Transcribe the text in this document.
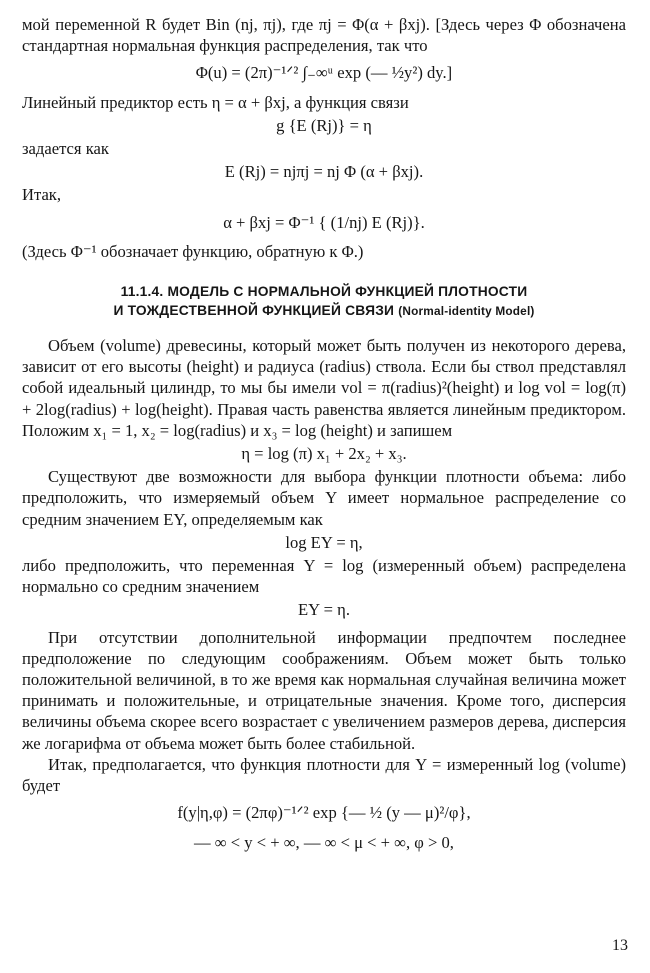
мой переменной R будет Bin (nj, πj), где πj = Φ(α + βxj). [Здесь через Φ обозначена стандартная нормальная функция распределения, так что

Φ(u) = (2π)⁻¹ᐟ² ∫₋∞ᵘ exp (— ½y²) dy.]

Линейный предиктор есть η = α + βxj, а функция связи

g {E (Rj)} = η

задается как

E (Rj) = njπj = nj Φ (α + βxj).

Итак,

α + βxj = Φ⁻¹ { (1/nj) E (Rj)}.

(Здесь Φ⁻¹ обозначает функцию, обратную к Φ.)

11.1.4. МОДЕЛЬ С НОРМАЛЬНОЙ ФУНКЦИЕЙ ПЛОТНОСТИ
И ТОЖДЕСТВЕННОЙ ФУНКЦИЕЙ СВЯЗИ (Normal-identity Model)

Объем (volume) древесины, который может быть получен из некоторого дерева, зависит от его высоты (height) и радиуса (radius) ствола. Если бы ствол представлял собой идеальный цилиндр, то мы бы имели vol = π(radius)²(height) и log vol = log(π) + 2log(radius) + log(height). Правая часть равенства является линейным предиктором. Положим x₁ = 1, x₂ = log(radius) и x₃ = log (height) и запишем

η = log (π) x₁ + 2x₂ + x₃.

Существуют две возможности для выбора функции плотности объема: либо предположить, что измеряемый объем Y имеет нормальное распределение со средним значением EY, определяемым как

log EY = η,

либо предположить, что переменная Y = log (измеренный объем) распределена нормально со средним значением

EY = η.

При отсутствии дополнительной информации предпочтем последнее предположение по следующим соображениям. Объем может быть только положительной величиной, в то же время как нормальная случайная величина может принимать и положительные, и отрицательные значения. Кроме того, дисперсия величины объема скорее всего возрастает с увеличением размеров дерева, дисперсия же логарифма от объема может быть более стабильной.

Итак, предполагается, что функция плотности для Y = измеренный log (volume) будет

f(y|η,φ) = (2πφ)⁻¹ᐟ² exp {— ½ (y — μ)²/φ},
— ∞ < y < + ∞, — ∞ < μ < + ∞, φ > 0,
13
